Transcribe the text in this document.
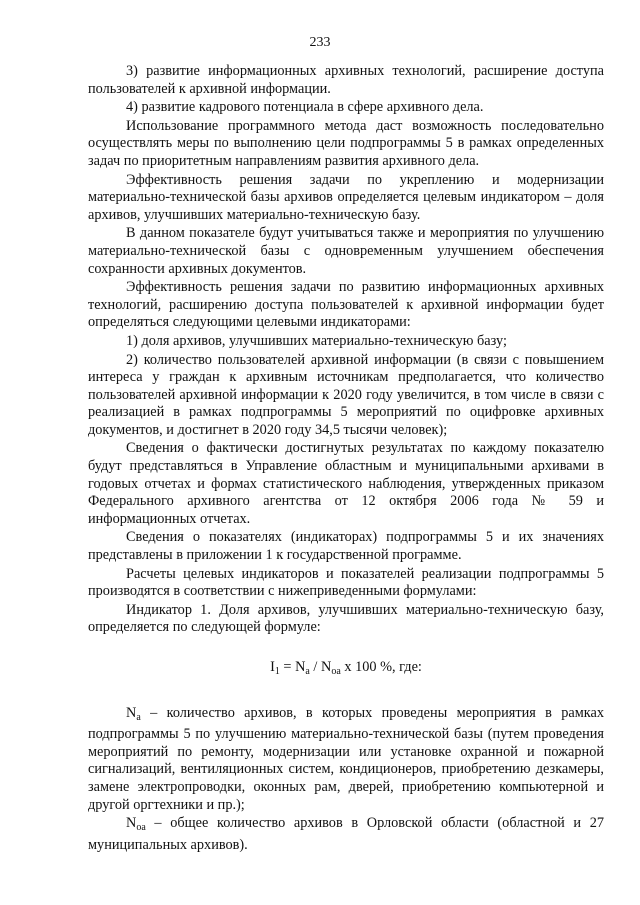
233

3) развитие информационных архивных технологий, расширение доступа пользователей к архивной информации.

4) развитие кадрового потенциала в сфере архивного дела.

Использование программного метода даст возможность последовательно осуществлять меры по выполнению цели подпрограммы 5 в рамках определенных задач по приоритетным направлениям развития архивного дела.

Эффективность решения задачи по укреплению и модернизации материально-технической базы архивов определяется целевым индикатором – доля архивов, улучшивших материально-техническую базу.

В данном показателе будут учитываться также и мероприятия по улучшению материально-технической базы с одновременным улучшением обеспечения сохранности архивных документов.

Эффективность решения задачи по развитию информационных архивных технологий, расширению доступа пользователей к архивной информации будет определяться следующими целевыми индикаторами:

1) доля архивов, улучшивших материально-техническую базу;

2) количество пользователей архивной информации (в связи с повышением интереса у граждан к архивным источникам предполагается, что количество пользователей архивной информации к 2020 году увеличится, в том числе в связи с реализацией в рамках подпрограммы 5 мероприятий по оцифровке архивных документов, и достигнет в 2020 году 34,5 тысячи человек);

Сведения о фактически достигнутых результатах по каждому показателю будут представляться в Управление областным и муниципальными архивами в годовых отчетах и формах статистического наблюдения, утвержденных приказом Федерального архивного агентства от 12 октября 2006 года № 59 и информационных отчетах.

Сведения о показателях (индикаторах) подпрограммы 5 и их значениях представлены в приложении 1 к государственной программе.

Расчеты целевых индикаторов и показателей реализации подпрограммы 5 производятся в соответствии с нижеприведенными формулами:

Индикатор 1. Доля архивов, улучшивших материально-техническую базу, определяется по следующей формуле:

$I_1 = N_a / N_{oa}$ x 100 %, где:

$N_a$ – количество архивов, в которых проведены мероприятия в рамках подпрограммы 5 по улучшению материально-технической базы (путем проведения мероприятий по ремонту, модернизации или установке охранной и пожарной сигнализаций, вентиляционных систем, кондиционеров, приобретению дезкамеры, замене электропроводки, оконных рам, дверей, приобретению компьютерной и другой оргтехники и пр.);

$N_{oa}$ – общее количество архивов в Орловской области (областной и 27 муниципальных архивов).
